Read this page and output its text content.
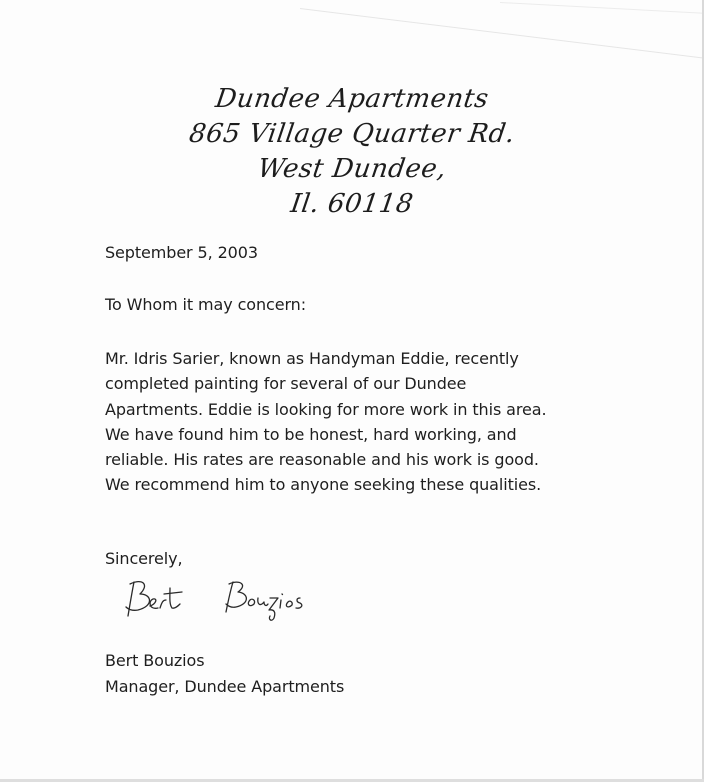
Dundee Apartments
865 Village Quarter Rd.
West Dundee,
Il. 60118
September 5, 2003
To Whom it may concern:
Mr. Idris Sarier, known as Handyman Eddie, recently
completed painting for several of our Dundee
Apartments. Eddie is looking for more work in this area.
We have found him to be honest, hard working, and
reliable. His rates are reasonable and his work is good.
We recommend him to anyone seeking these qualities.
Sincerely,
Bert Bouzios
Manager, Dundee Apartments
